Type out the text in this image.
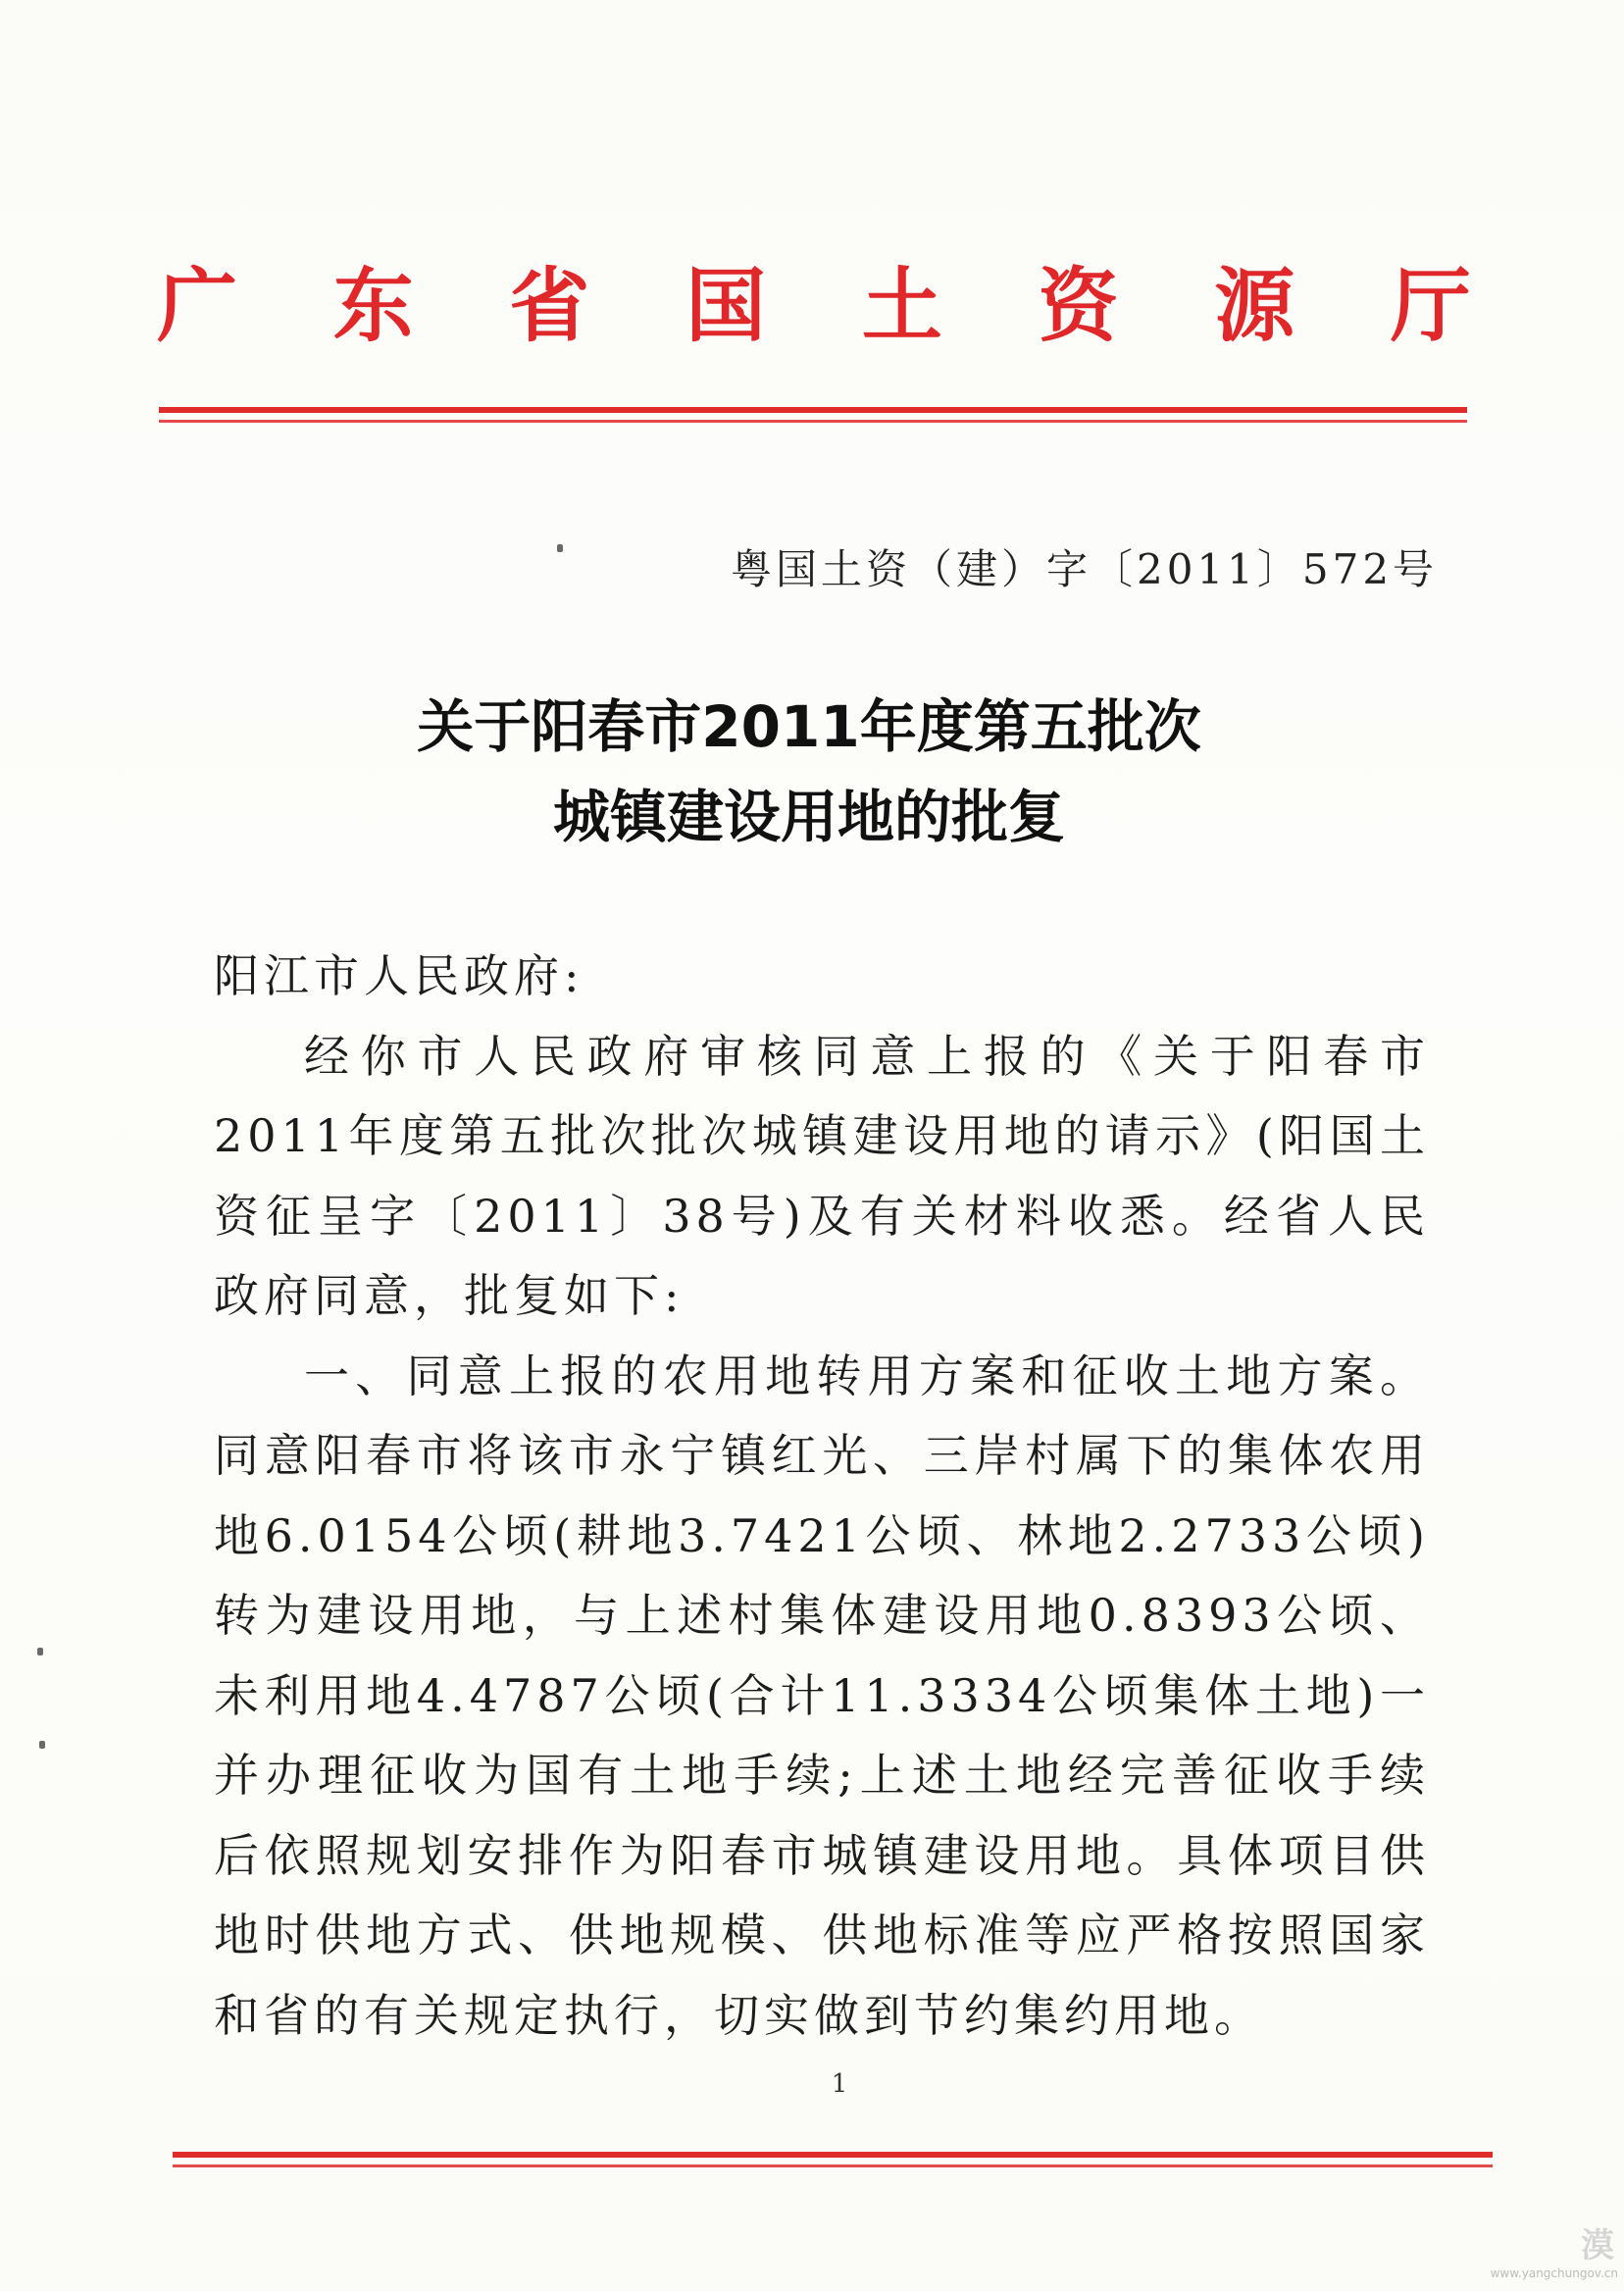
广 东 省 国 土 资 源 厅
粤国土资（建）字〔2011〕572号
关于阳春市2011年度第五批次
城镇建设用地的批复
阳江市人民政府:

经你市人民政府审核同意上报的《关于阳春市2011年度第五批次批次城镇建设用地的请示》(阳国土资征呈字〔2011〕38号)及有关材料收悉。经省人民政府同意，批复如下:

一、同意上报的农用地转用方案和征收土地方案。同意阳春市将该市永宁镇红光、三岸村属下的集体农用地6.0154公顷(耕地3.7421公顷、林地2.2733公顷)转为建设用地，与上述村集体建设用地0.8393公顷、未利用地4.4787公顷(合计11.3334公顷集体土地)一并办理征收为国有土地手续;上述土地经完善征收手续后依照规划安排作为阳春市城镇建设用地。具体项目供地时供地方式、供地规模、供地标准等应严格按照国家和省的有关规定执行，切实做到节约集约用地。

1
漠
www.yangchungov.cn
